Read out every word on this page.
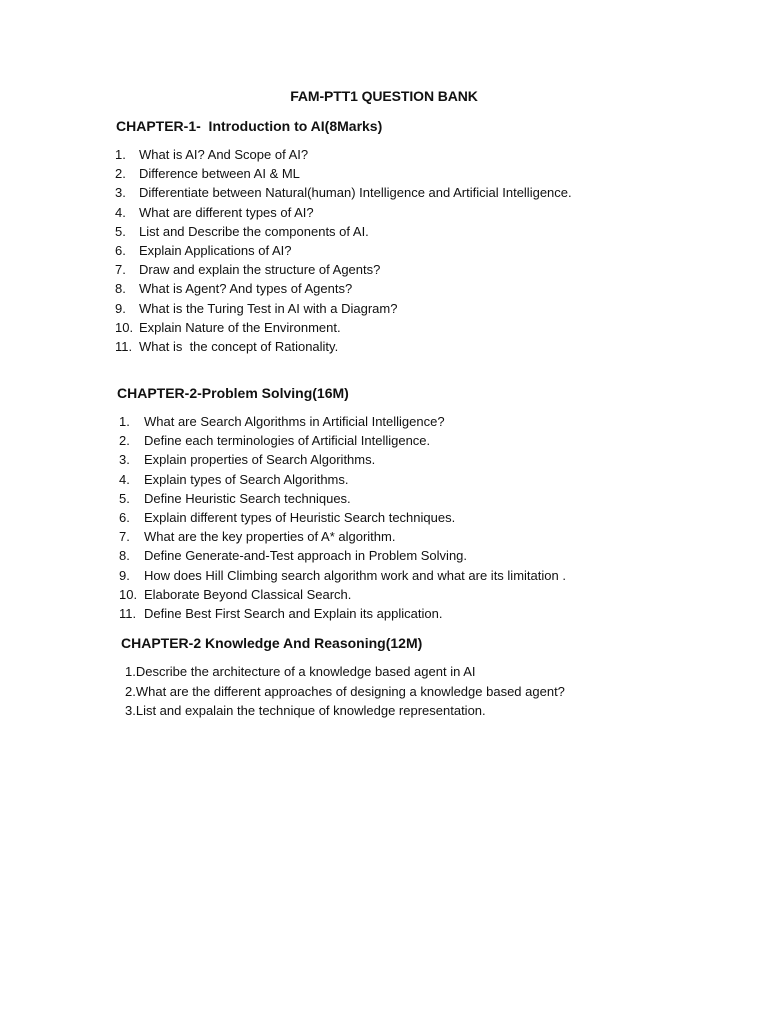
FAM-PTT1 QUESTION BANK
CHAPTER-1-  Introduction to AI(8Marks)
1.	What is AI? And Scope of AI?
2.	Difference between AI & ML
3.	Differentiate between Natural(human) Intelligence and Artificial Intelligence.
4.	What are different types of AI?
5.	List and Describe the components of AI.
6.	Explain Applications of AI?
7.	Draw and explain the structure of Agents?
8.	What is Agent? And types of Agents?
9.	What is the Turing Test in AI with a Diagram?
10. Explain Nature of the Environment.
11. What is  the concept of Rationality.
CHAPTER-2-Problem Solving(16M)
1.	What are Search Algorithms in Artificial Intelligence?
2.	Define each terminologies of Artificial Intelligence.
3.	Explain properties of Search Algorithms.
4.	Explain types of Search Algorithms.
5.	Define Heuristic Search techniques.
6.	Explain different types of Heuristic Search techniques.
7.	What are the key properties of A* algorithm.
8.	Define Generate-and-Test approach in Problem Solving.
9.	How does Hill Climbing search algorithm work and what are its limitation .
10. Elaborate Beyond Classical Search.
11. Define Best First Search and Explain its application.
CHAPTER-2 Knowledge And Reasoning(12M)
1.Describe the architecture of a knowledge based agent in AI
2.What are the different approaches of designing a knowledge based agent?
3.List and expalain the technique of knowledge representation.
